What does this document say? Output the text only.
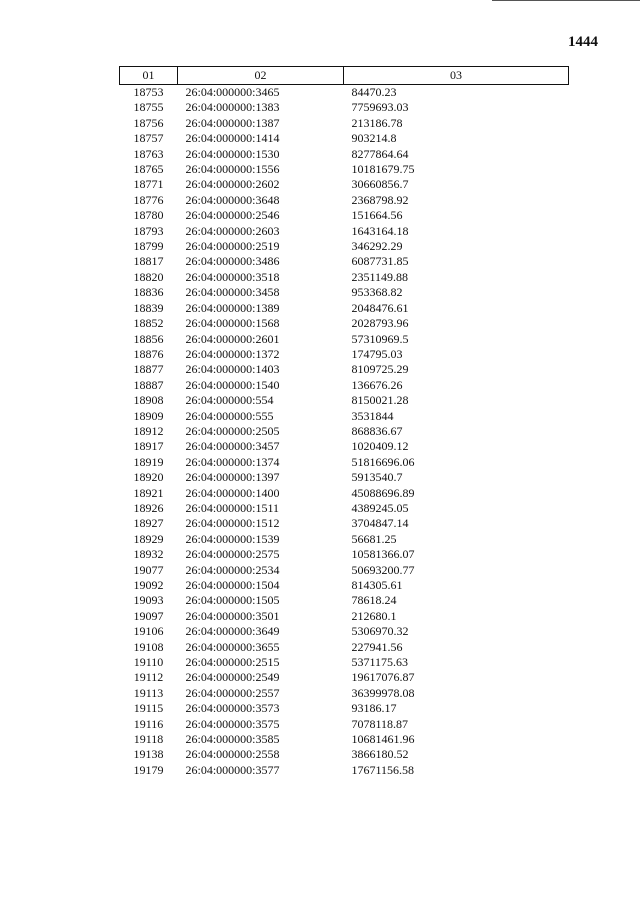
1444
01	02	03
18753	26:04:000000:3465	84470.23
18755	26:04:000000:1383	7759693.03
18756	26:04:000000:1387	213186.78
18757	26:04:000000:1414	903214.8
18763	26:04:000000:1530	8277864.64
18765	26:04:000000:1556	10181679.75
18771	26:04:000000:2602	30660856.7
18776	26:04:000000:3648	2368798.92
18780	26:04:000000:2546	151664.56
18793	26:04:000000:2603	1643164.18
18799	26:04:000000:2519	346292.29
18817	26:04:000000:3486	6087731.85
18820	26:04:000000:3518	2351149.88
18836	26:04:000000:3458	953368.82
18839	26:04:000000:1389	2048476.61
18852	26:04:000000:1568	2028793.96
18856	26:04:000000:2601	57310969.5
18876	26:04:000000:1372	174795.03
18877	26:04:000000:1403	8109725.29
18887	26:04:000000:1540	136676.26
18908	26:04:000000:554	8150021.28
18909	26:04:000000:555	3531844
18912	26:04:000000:2505	868836.67
18917	26:04:000000:3457	1020409.12
18919	26:04:000000:1374	51816696.06
18920	26:04:000000:1397	5913540.7
18921	26:04:000000:1400	45088696.89
18926	26:04:000000:1511	4389245.05
18927	26:04:000000:1512	3704847.14
18929	26:04:000000:1539	56681.25
18932	26:04:000000:2575	10581366.07
19077	26:04:000000:2534	50693200.77
19092	26:04:000000:1504	814305.61
19093	26:04:000000:1505	78618.24
19097	26:04:000000:3501	212680.1
19106	26:04:000000:3649	5306970.32
19108	26:04:000000:3655	227941.56
19110	26:04:000000:2515	5371175.63
19112	26:04:000000:2549	19617076.87
19113	26:04:000000:2557	36399978.08
19115	26:04:000000:3573	93186.17
19116	26:04:000000:3575	7078118.87
19118	26:04:000000:3585	10681461.96
19138	26:04:000000:2558	3866180.52
19179	26:04:000000:3577	17671156.58
